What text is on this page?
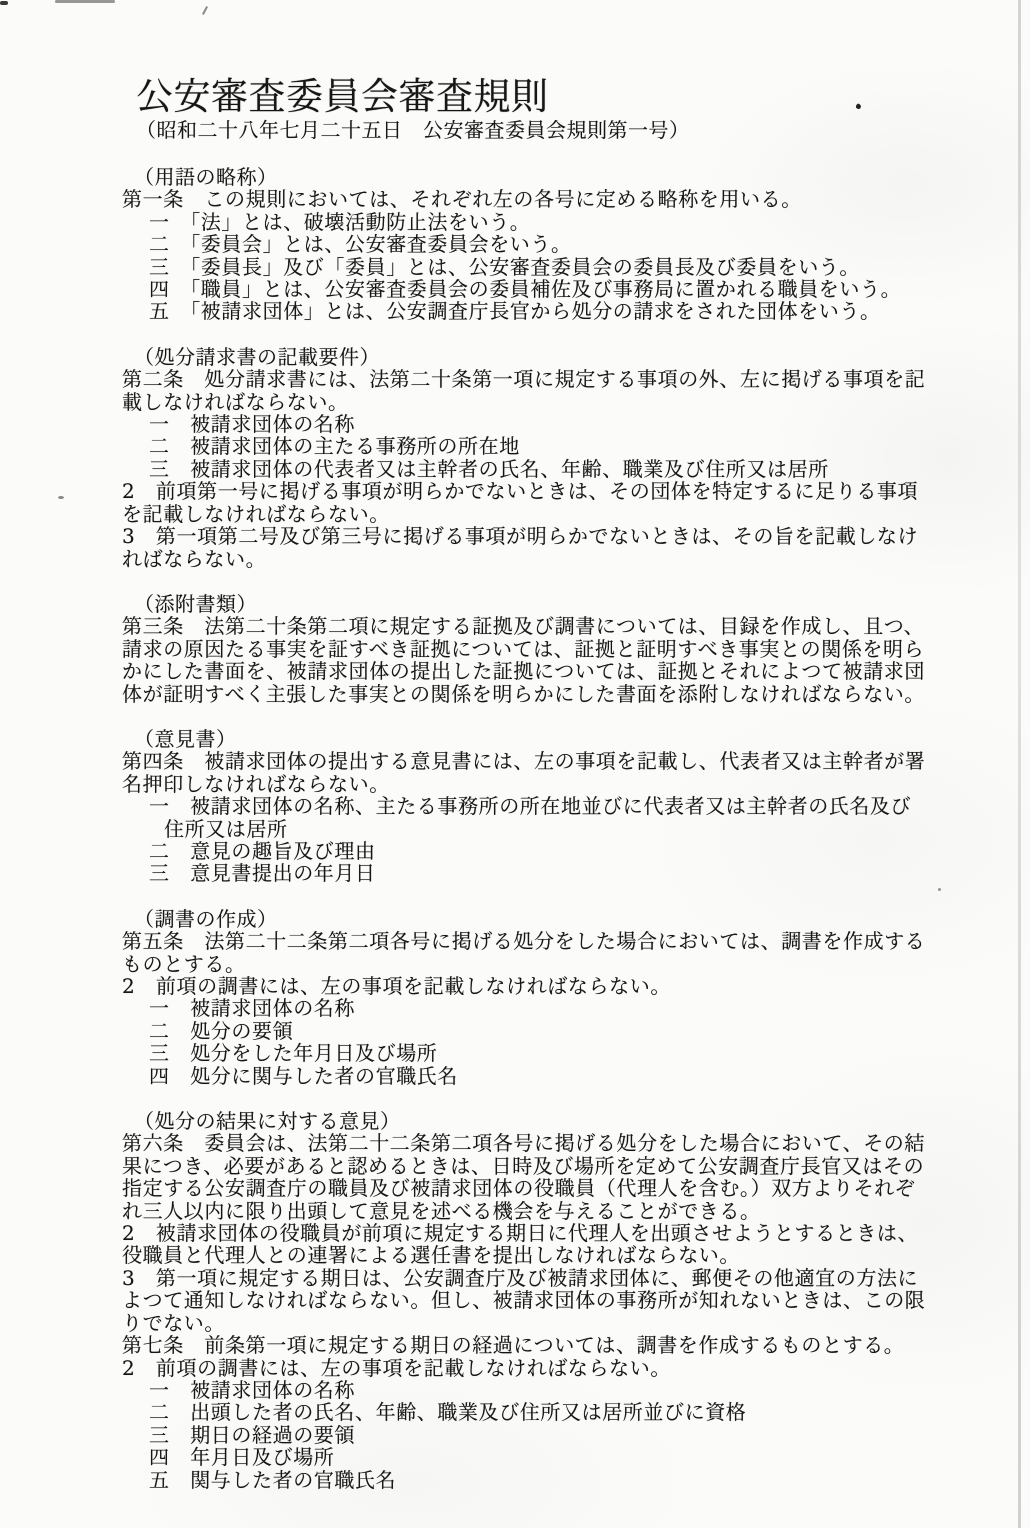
公安審査委員会審査規則
（昭和二十八年七月二十五日　公安審査委員会規則第一号）
（用語の略称）
第一条　この規則においては、それぞれ左の各号に定める略称を用いる。
一　「法」とは、破壊活動防止法をいう。
二　「委員会」とは、公安審査委員会をいう。
三　「委員長」及び「委員」とは、公安審査委員会の委員長及び委員をいう。
四　「職員」とは、公安審査委員会の委員補佐及び事務局に置かれる職員をいう。
五　「被請求団体」とは、公安調査庁長官から処分の請求をされた団体をいう。
（処分請求書の記載要件）
第二条　処分請求書には、法第二十条第一項に規定する事項の外、左に掲げる事項を記
載しなければならない。
一　被請求団体の名称
二　被請求団体の主たる事務所の所在地
三　被請求団体の代表者又は主幹者の氏名、年齢、職業及び住所又は居所
2　前項第一号に掲げる事項が明らかでないときは、その団体を特定するに足りる事項
を記載しなければならない。
3　第一項第二号及び第三号に掲げる事項が明らかでないときは、その旨を記載しなけ
ればならない。
（添附書類）
第三条　法第二十条第二項に規定する証拠及び調書については、目録を作成し、且つ、
請求の原因たる事実を証すべき証拠については、証拠と証明すべき事実との関係を明ら
かにした書面を、被請求団体の提出した証拠については、証拠とそれによつて被請求団
体が証明すべく主張した事実との関係を明らかにした書面を添附しなければならない。
（意見書）
第四条　被請求団体の提出する意見書には、左の事項を記載し、代表者又は主幹者が署
名押印しなければならない。
一　被請求団体の名称、主たる事務所の所在地並びに代表者又は主幹者の氏名及び
住所又は居所
二　意見の趣旨及び理由
三　意見書提出の年月日
（調書の作成）
第五条　法第二十二条第二項各号に掲げる処分をした場合においては、調書を作成する
ものとする。
2　前項の調書には、左の事項を記載しなければならない。
一　被請求団体の名称
二　処分の要領
三　処分をした年月日及び場所
四　処分に関与した者の官職氏名
（処分の結果に対する意見）
第六条　委員会は、法第二十二条第二項各号に掲げる処分をした場合において、その結
果につき、必要があると認めるときは、日時及び場所を定めて公安調査庁長官又はその
指定する公安調査庁の職員及び被請求団体の役職員（代理人を含む。）双方よりそれぞ
れ三人以内に限り出頭して意見を述べる機会を与えることができる。
2　被請求団体の役職員が前項に規定する期日に代理人を出頭させようとするときは、
役職員と代理人との連署による選任書を提出しなければならない。
3　第一項に規定する期日は、公安調査庁及び被請求団体に、郵便その他適宜の方法に
よつて通知しなければならない。但し、被請求団体の事務所が知れないときは、この限
りでない。
第七条　前条第一項に規定する期日の経過については、調書を作成するものとする。
2　前項の調書には、左の事項を記載しなければならない。
一　被請求団体の名称
二　出頭した者の氏名、年齢、職業及び住所又は居所並びに資格
三　期日の経過の要領
四　年月日及び場所
五　関与した者の官職氏名
